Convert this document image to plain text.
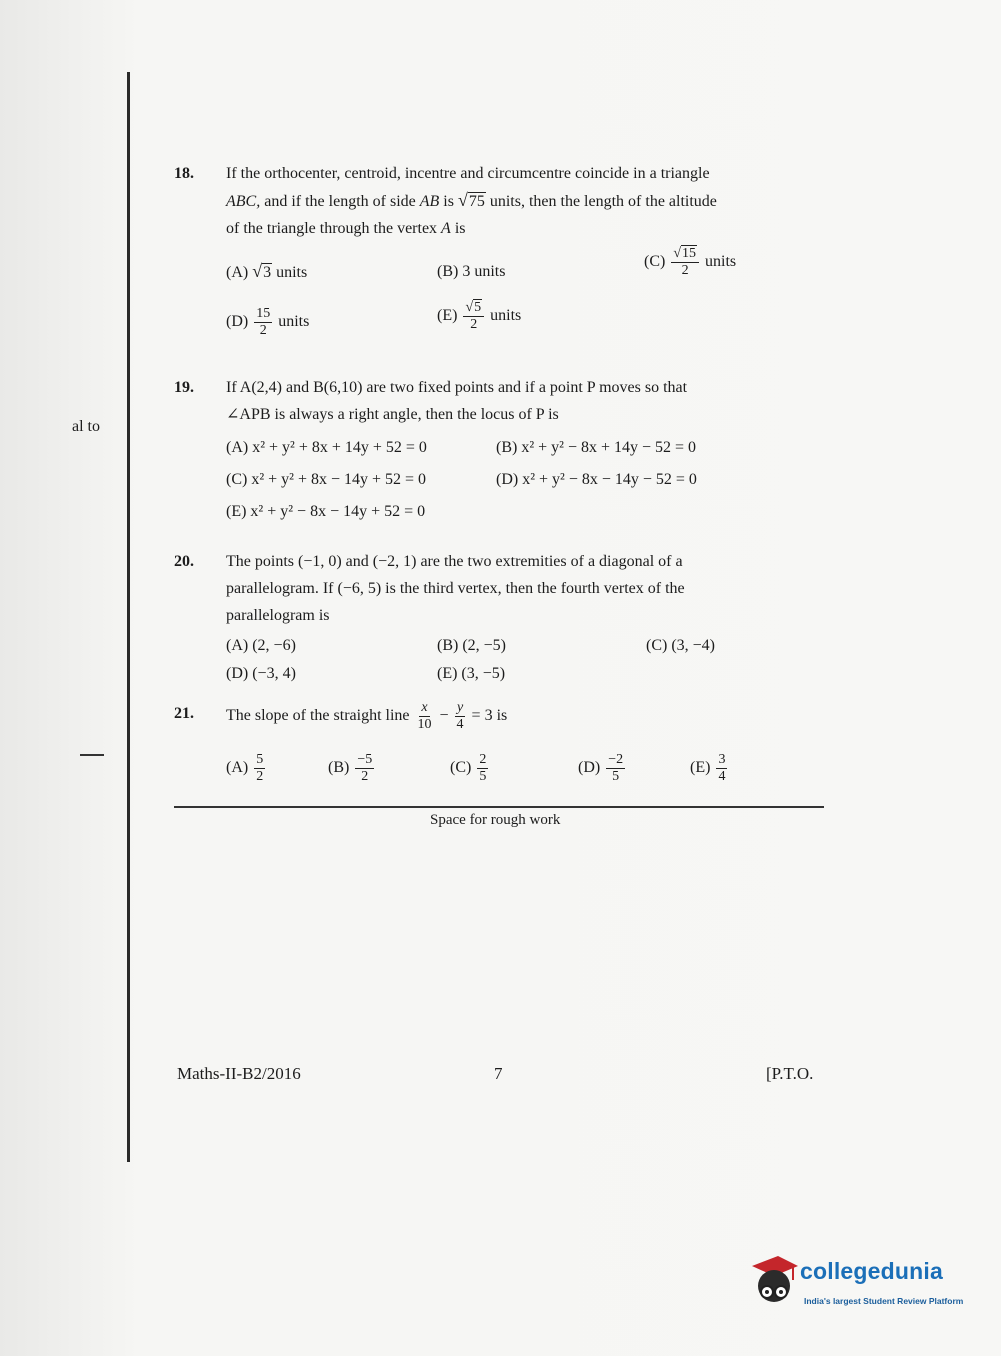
al to
18. If the orthocenter, centroid, incentre and circumcentre coincide in a triangle
ABC, and if the length of side AB is √75 units, then the length of the altitude
of the triangle through the vertex A is
(A) √3 units	(B) 3 units
$(C) \frac{√15}{2}$ units
$(D) \frac{15}{2}$ units	$(E) \frac{√5}{2}$ units
19. If A(2,4) and B(6,10) are two fixed points and if a point P moves so that
∠APB is always a right angle, then the locus of P is
(A) x² + y² + 8x + 14y + 52 = 0	(B) x² + y² − 8x + 14y − 52 = 0
(C) x² + y² + 8x − 14y + 52 = 0	(D) x² + y² − 8x − 14y − 52 = 0
(E) x² + y² − 8x − 14y + 52 = 0
20. The points (−1, 0) and (−2, 1) are the two extremities of a diagonal of a
parallelogram. If (−6, 5) is the third vertex, then the fourth vertex of the
parallelogram is
(A) (2, −6)	(B) (2, −5)	(C) (3, −4)
(D) (−3, 4)	(E) (3, −5)
21. The slope of the straight line $\frac{x}{10} - \frac{y}{4} = 3$ is
$(A) \frac{5}{2}$	$(B) \frac{-5}{2}$	$(C) \frac{2}{5}$	$(D) \frac{-2}{5}$	$(E) \frac{3}{4}$
Space for rough work
Maths-II-B2/2016	7	[P.T.O.
collegedunia
India's largest Student Review Platform
